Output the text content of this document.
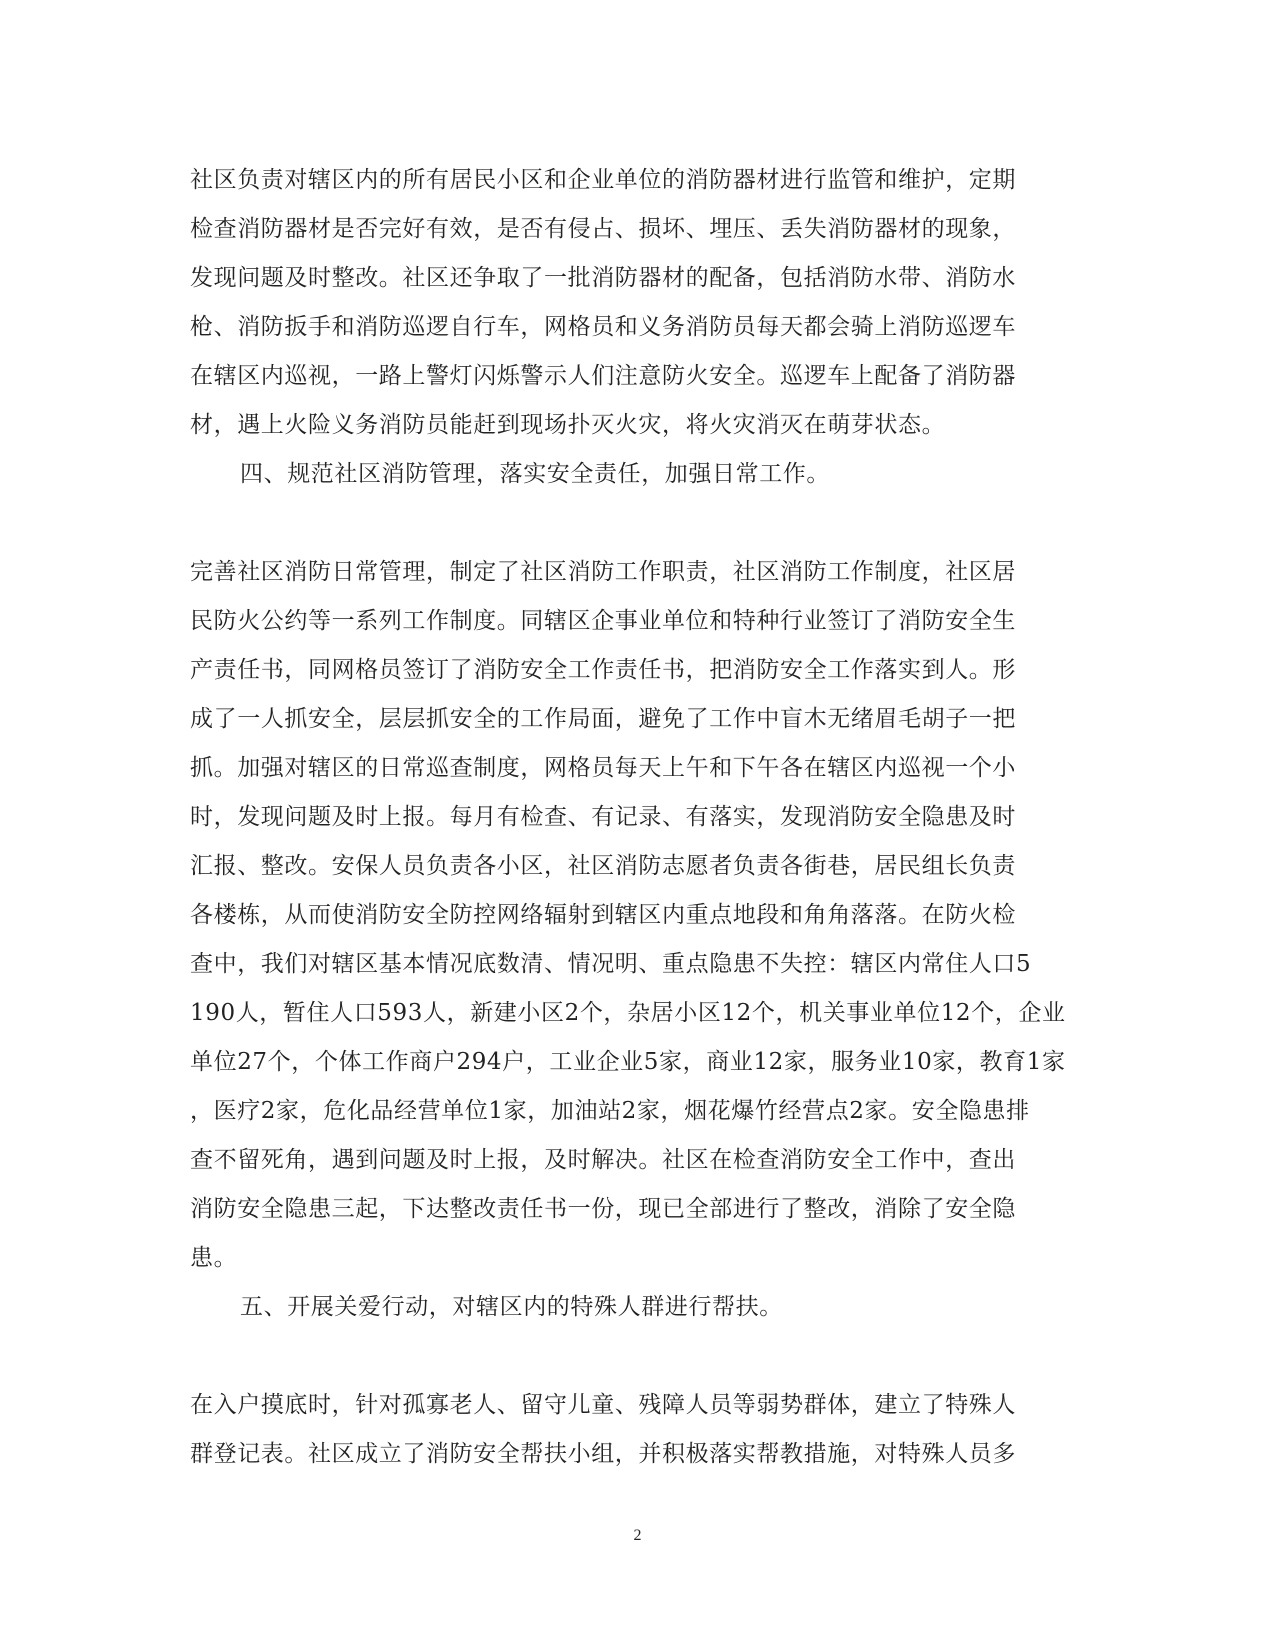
社区负责对辖区内的所有居民小区和企业单位的消防器材进行监管和维护，定期
检查消防器材是否完好有效，是否有侵占、损坏、埋压、丢失消防器材的现象，
发现问题及时整改。社区还争取了一批消防器材的配备，包括消防水带、消防水
枪、消防扳手和消防巡逻自行车，网格员和义务消防员每天都会骑上消防巡逻车
在辖区内巡视，一路上警灯闪烁警示人们注意防火安全。巡逻车上配备了消防器
材，遇上火险义务消防员能赶到现场扑灭火灾，将火灾消灭在萌芽状态。
四、规范社区消防管理，落实安全责任，加强日常工作。
完善社区消防日常管理，制定了社区消防工作职责，社区消防工作制度，社区居
民防火公约等一系列工作制度。同辖区企事业单位和特种行业签订了消防安全生
产责任书，同网格员签订了消防安全工作责任书，把消防安全工作落实到人。形
成了一人抓安全，层层抓安全的工作局面，避免了工作中盲木无绪眉毛胡子一把
抓。加强对辖区的日常巡查制度，网格员每天上午和下午各在辖区内巡视一个小
时，发现问题及时上报。每月有检查、有记录、有落实，发现消防安全隐患及时
汇报、整改。安保人员负责各小区，社区消防志愿者负责各街巷，居民组长负责
各楼栋，从而使消防安全防控网络辐射到辖区内重点地段和角角落落。在防火检
查中，我们对辖区基本情况底数清、情况明、重点隐患不失控：辖区内常住人口5
190人，暂住人口593人，新建小区2个，杂居小区12个，机关事业单位12个，企业
单位27个，个体工作商户294户，工业企业5家，商业12家，服务业10家，教育1家
，医疗2家，危化品经营单位1家，加油站2家，烟花爆竹经营点2家。安全隐患排
查不留死角，遇到问题及时上报，及时解决。社区在检查消防安全工作中，查出
消防安全隐患三起，下达整改责任书一份，现已全部进行了整改，消除了安全隐
患。
五、开展关爱行动，对辖区内的特殊人群进行帮扶。
在入户摸底时，针对孤寡老人、留守儿童、残障人员等弱势群体，建立了特殊人
群登记表。社区成立了消防安全帮扶小组，并积极落实帮教措施，对特殊人员多
2
